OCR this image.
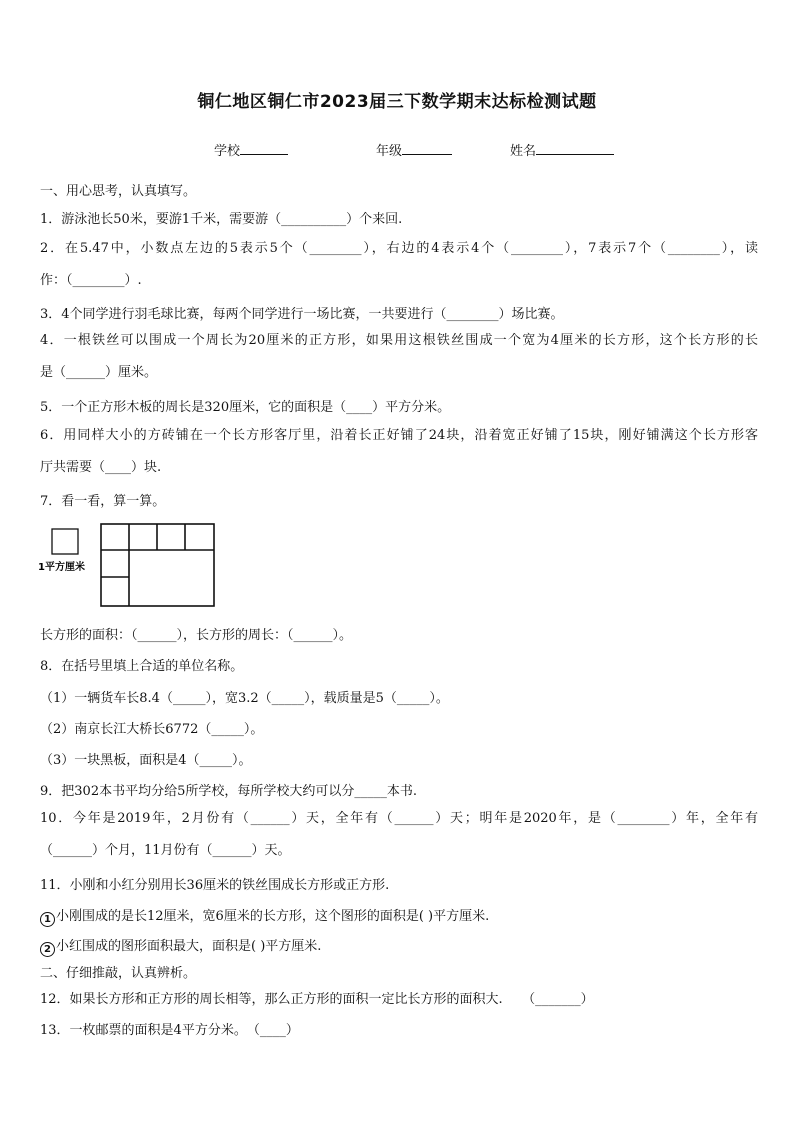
铜仁地区铜仁市2023届三下数学期末达标检测试题
学校	年级	姓名
一、用心思考，认真填写。
1．游泳池长50米，要游1千米，需要游（__________）个来回.
2．在5.47中，小数点左边的5表示5个（________），右边的4表示4个（________），7表示7个（________），读
作：（________）.
3．4个同学进行羽毛球比赛，每两个同学进行一场比赛，一共要进行（________）场比赛。
4．一根铁丝可以围成一个周长为20厘米的正方形，如果用这根铁丝围成一个宽为4厘米的长方形，这个长方形的长
是（______）厘米。
5．一个正方形木板的周长是320厘米，它的面积是（____）平方分米。
6．用同样大小的方砖铺在一个长方形客厅里，沿着长正好铺了24块，沿着宽正好铺了15块，刚好铺满这个长方形客
厅共需要（____）块.
7．看一看，算一算。
1平方厘米
长方形的面积：（______），长方形的周长：（______）。
8．在括号里填上合适的单位名称。
（1）一辆货车长8.4（_____），宽3.2（_____），载质量是5（_____）。
（2）南京长江大桥长6772（_____）。
（3）一块黑板，面积是4（_____）。
9．把302本书平均分给5所学校，每所学校大约可以分_____本书.
10．今年是2019年，2月份有（______）天，全年有（______）天；明年是2020年，是（________）年，全年有
（______）个月，11月份有（______）天。
11．小刚和小红分别用长36厘米的铁丝围成长方形或正方形.
1 小刚围成的是长12厘米，宽6厘米的长方形，这个图形的面积是( )平方厘米.
2 小红围成的图形面积最大，面积是( )平方厘米.
二、仔细推敲，认真辨析。
12．如果长方形和正方形的周长相等，那么正方形的面积一定比长方形的面积大.　　（_______）
13．一枚邮票的面积是4平方分米。　（____）
